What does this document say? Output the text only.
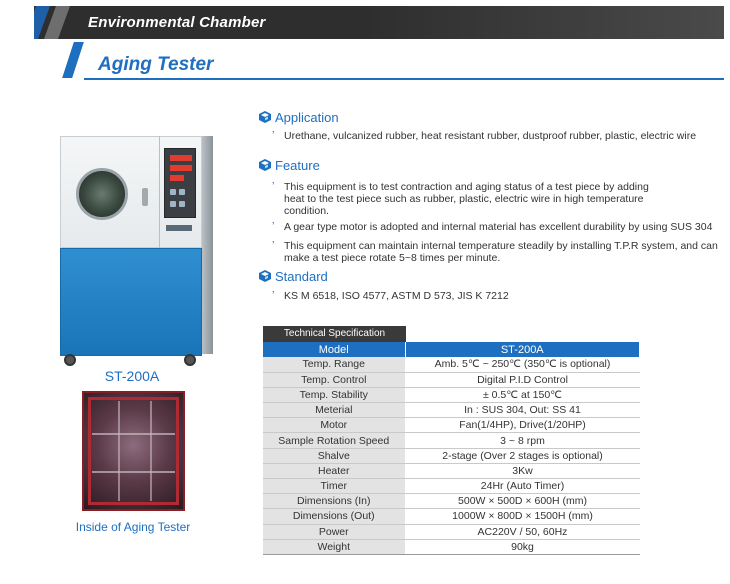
Environmental Chamber
Aging Tester
ST-200A
Inside of Aging Tester
Application
ʼ Urethane, vulcanized rubber, heat resistant rubber, dustproof rubber, plastic, electric wire
Feature
ʼ This equipment is to test contraction and aging status of a test piece by adding heat to the test piece such as rubber, plastic, electric wire in high temperature condition.
ʼ A gear type motor is adopted and internal material has excellent durability by using SUS 304
ʼ This equipment can maintain internal temperature steadily by installing T.P.R system, and can make a test piece rotate 5~8 times per minute.
Standard
ʼ KS M 6518, ISO 4577, ASTM D 573, JIS K 7212
Technical Specification
Model	ST-200A
Temp. Range	Amb. 5℃ ~ 250℃ (350℃ is optional)
Temp. Control	Digital P.I.D Control
Temp. Stability	± 0.5℃ at 150℃
Meterial	In : SUS 304, Out: SS 41
Motor	Fan(1/4HP), Drive(1/20HP)
Sample Rotation Speed	3 ~ 8 rpm
Shalve	2-stage (Over 2 stages is optional)
Heater	3Kw
Timer	24Hr (Auto Timer)
Dimensions (In)	500W × 500D × 600H (mm)
Dimensions (Out)	1000W × 800D × 1500H (mm)
Power	AC220V / 50, 60Hz
Weight	90kg
